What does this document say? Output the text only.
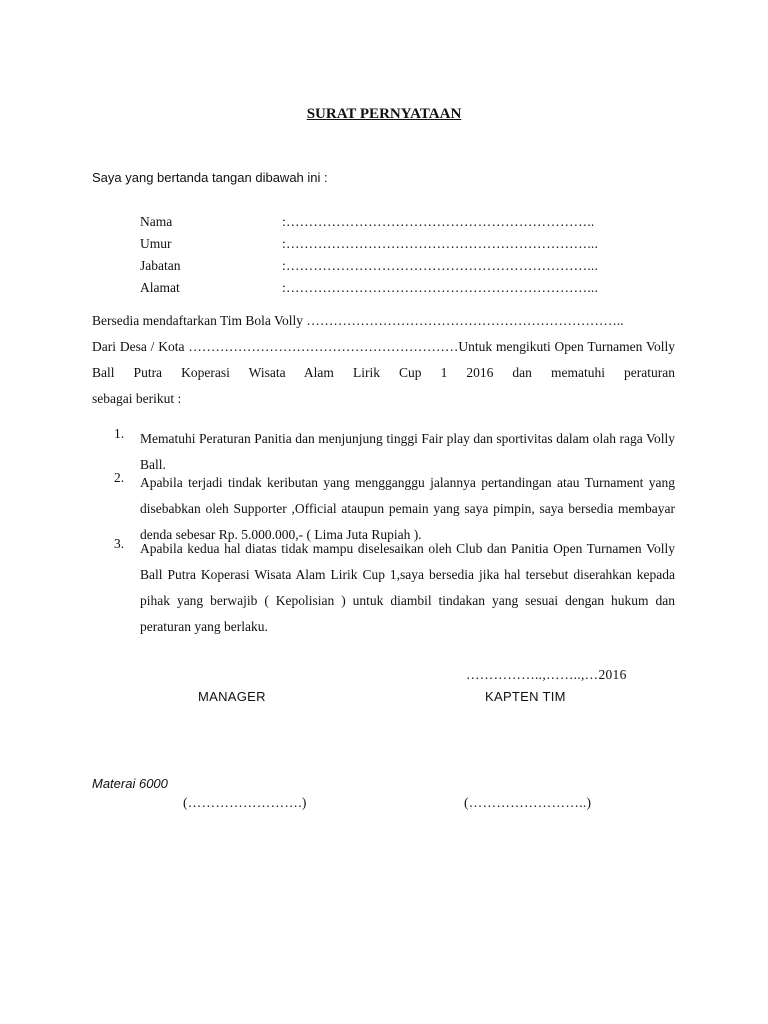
SURAT PERNYATAAN
Saya yang bertanda tangan dibawah ini :
Nama	:…………………………………………………………..
Umur	:…………………………………………………………...
Jabatan	:…………………………………………………………...
Alamat	:…………………………………………………………...
Bersedia mendaftarkan Tim Bola Volly ……………………………………………………………..
Dari Desa / Kota ……………………………………………………Untuk mengikuti Open Turnamen Volly Ball Putra Koperasi Wisata Alam Lirik Cup 1 2016 dan mematuhi peraturan
sebagai berikut :
1. Mematuhi Peraturan Panitia dan menjunjung tinggi Fair play dan sportivitas dalam olah raga Volly Ball.
2. Apabila terjadi tindak keributan yang mengganggu jalannya pertandingan atau Turnament yang disebabkan oleh Supporter ,Official ataupun pemain yang saya pimpin, saya bersedia membayar denda sebesar Rp. 5.000.000,- ( Lima Juta Rupiah ).
3. Apabila kedua hal diatas tidak mampu diselesaikan oleh Club dan Panitia Open Turnamen Volly Ball Putra Koperasi Wisata Alam Lirik Cup 1,saya bersedia jika hal tersebut diserahkan kepada pihak yang berwajib ( Kepolisian ) untuk diambil tindakan yang sesuai dengan hukum dan peraturan yang berlaku.
……………..,……..,…2016
MANAGER	KAPTEN TIM
Materai 6000
(…………………….)	(……………………..)
